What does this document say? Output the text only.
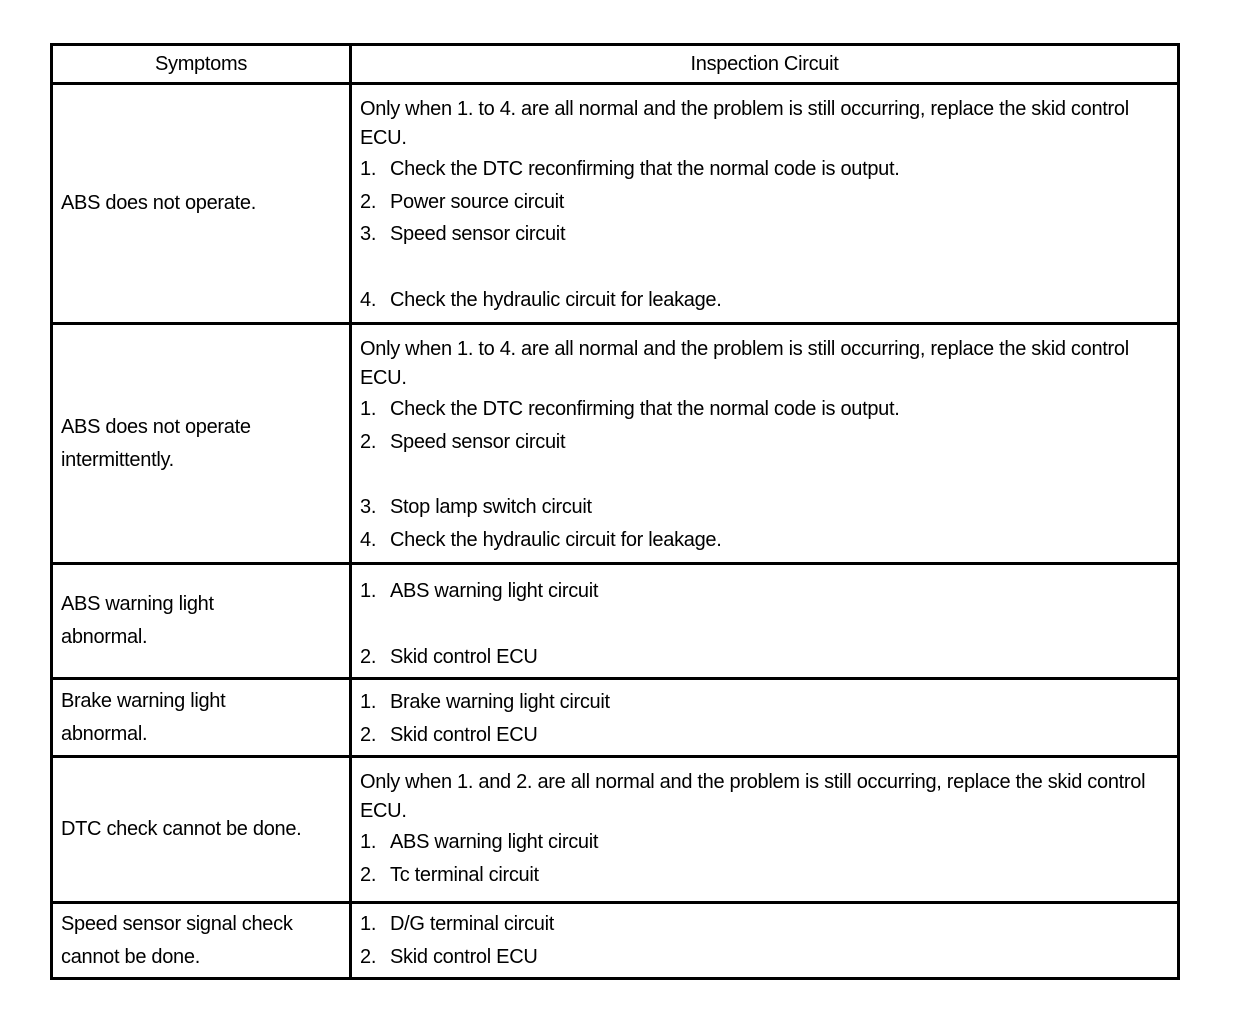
Symptoms	Inspection Circuit

ABS does not operate.	Only when 1. to 4. are all normal and the problem is still occurring, replace the skid control ECU.

1. Check the DTC reconfirming that the normal code is output.
2. Power source circuit
3. Speed sensor circuit
4. Check the hydraulic circuit for leakage.

ABS does not operate intermittently.	Only when 1. to 4. are all normal and the problem is still occurring, replace the skid control ECU.

1. Check the DTC reconfirming that the normal code is output.
2. Speed sensor circuit
3. Stop lamp switch circuit
4. Check the hydraulic circuit for leakage.

ABS warning light abnormal.	1. ABS warning light circuit
2. Skid control ECU

Brake warning light abnormal.	1. Brake warning light circuit
2. Skid control ECU

DTC check cannot be done.	Only when 1. and 2. are all normal and the problem is still occurring, replace the skid control ECU.

1. ABS warning light circuit
2. Tc terminal circuit

Speed sensor signal check cannot be done.	1. D/G terminal circuit
2. Skid control ECU
